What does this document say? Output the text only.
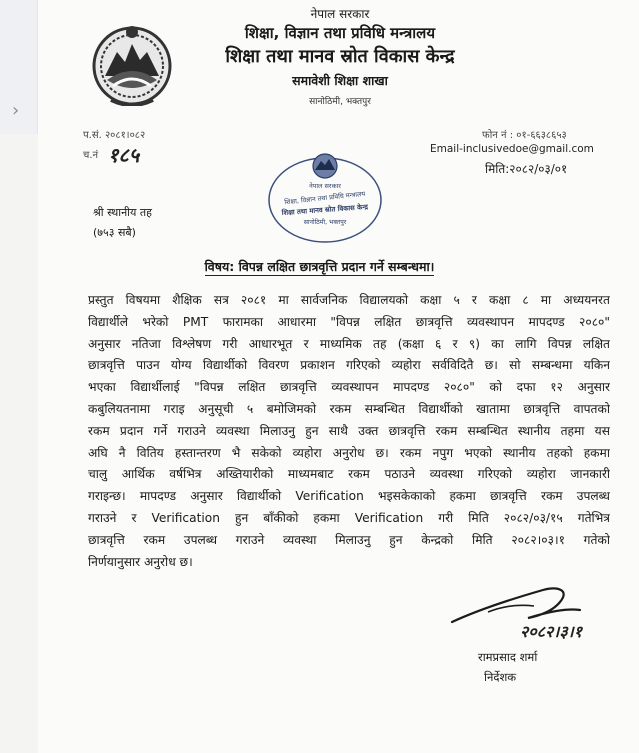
›
नेपाल सरकार
शिक्षा, विज्ञान तथा प्रविधि मन्त्रालय
शिक्षा तथा मानव स्रोत विकास केन्द्र
समावेशी शिक्षा शाखा
सानोठिमी, भक्तपुर
प.सं. २०८१।०८२
च.नं १८५
फोन नं : ०१-६६३८६५३
Email-inclusivedoe@gmail.com
मिति:२०८२/०३/०१
नेपाल सरकार
शिक्षा, विज्ञान तथा प्रविधि मन्त्रालय
शिक्षा तथा मानव स्रोत विकास केन्द्र
सानोठिमी, भक्तपुर
श्री स्थानीय तह
(७५३ सबै)
विषय: विपन्न लक्षित छात्रवृत्ति प्रदान गर्ने सम्बन्धमा।
प्रस्तुत विषयमा शैक्षिक सत्र २०८१ मा सार्वजनिक विद्यालयको कक्षा ५ र कक्षा ८ मा अध्ययनरत
विद्यार्थीले भरेको PMT फारामका आधारमा "विपन्न लक्षित छात्रवृत्ति व्यवस्थापन मापदण्ड २०८०"
अनुसार नतिजा विश्लेषण गरी आधारभूत र माध्यमिक तह (कक्षा ६ र ९) का लागि विपन्न लक्षित
छात्रवृत्ति पाउन योग्य विद्यार्थीको विवरण प्रकाशन गरिएको व्यहोरा सर्वविदितै छ। सो सम्बन्धमा यकिन
भएका विद्यार्थीलाई "विपन्न लक्षित छात्रवृत्ति व्यवस्थापन मापदण्ड २०८०" को दफा १२ अनुसार
कबुलियतनामा गराइ अनुसूची ५ बमोजिमको रकम सम्बन्धित विद्यार्थीको खातामा छात्रवृत्ति वापतको
रकम प्रदान गर्ने गराउने व्यवस्था मिलाउनु हुन साथै उक्त छात्रवृत्ति रकम सम्बन्धित स्थानीय तहमा यस
अघि नै वितिय हस्तान्तरण भै सकेको व्यहोरा अनुरोध छ। रकम नपुग भएको स्थानीय तहको हकमा
चालु आर्थिक वर्षभित्र अख्तियारीको माध्यमबाट रकम पठाउने व्यवस्था गरिएको व्यहोरा जानकारी
गराइन्छ। मापदण्ड अनुसार विद्यार्थीको Verification भइसकेकाको हकमा छात्रवृत्ति रकम उपलब्ध
गराउने र Verification हुन बाँकीको हकमा Verification गरी मिति २०८२/०३/१५ गतेभित्र
छात्रवृत्ति रकम उपलब्ध गराउने व्यवस्था मिलाउनु हुन केन्द्रको मिति २०८२।०३।१ गतेको
निर्णयानुसार अनुरोध छ।
२०८२।३।१
रामप्रसाद शर्मा
निर्देशक
